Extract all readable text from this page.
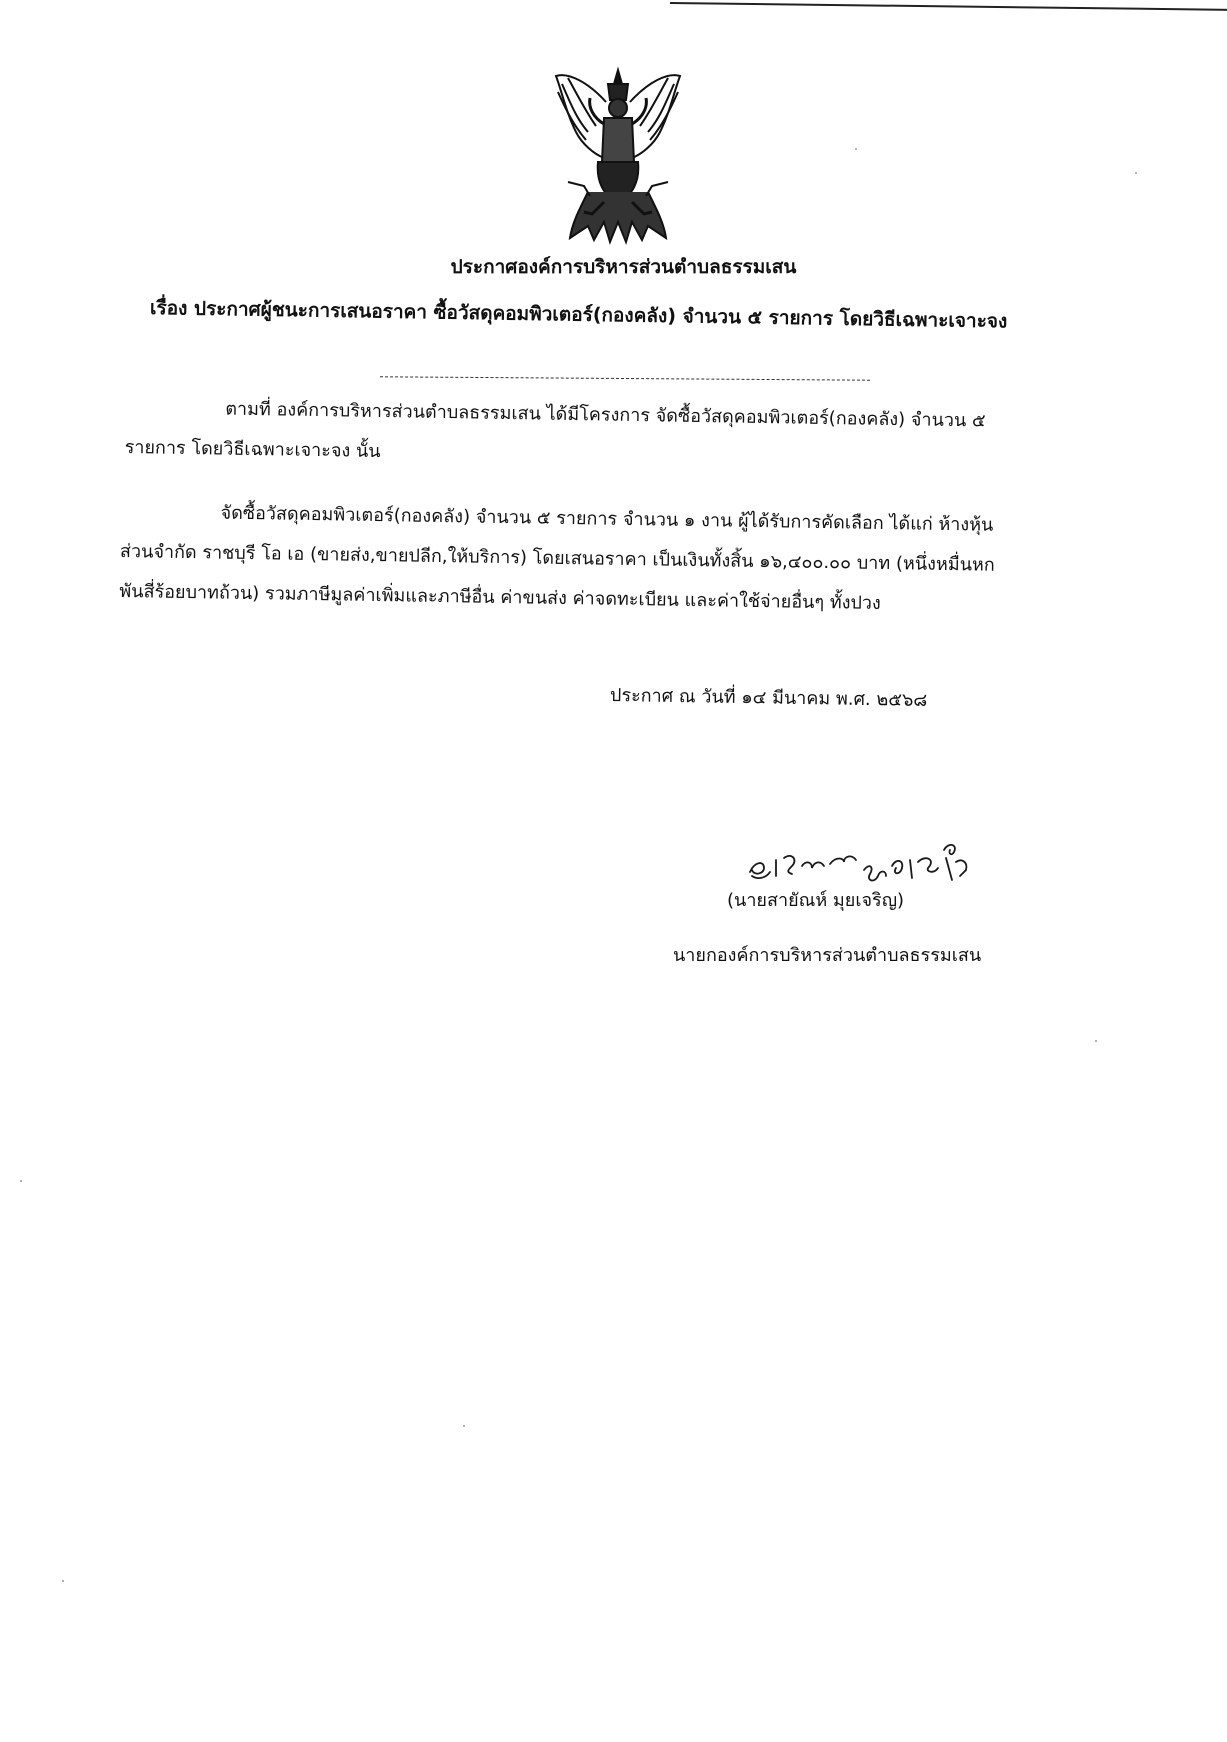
ประกาศองค์การบริหารส่วนตำบลธรรมเสน
เรื่อง ประกาศผู้ชนะการเสนอราคา ซื้อวัสดุคอมพิวเตอร์(กองคลัง) จำนวน ๕ รายการ โดยวิธีเฉพาะเจาะจง
ตามที่ องค์การบริหารส่วนตำบลธรรมเสน ได้มีโครงการ จัดซื้อวัสดุคอมพิวเตอร์(กองคลัง) จำนวน ๕
รายการ โดยวิธีเฉพาะเจาะจง นั้น
จัดซื้อวัสดุคอมพิวเตอร์(กองคลัง) จำนวน ๕ รายการ จำนวน ๑ งาน ผู้ได้รับการคัดเลือก ได้แก่ ห้างหุ้น
ส่วนจำกัด ราชบุรี โอ เอ (ขายส่ง,ขายปลีก,ให้บริการ) โดยเสนอราคา เป็นเงินทั้งสิ้น ๑๖,๔๐๐.๐๐ บาท (หนึ่งหมื่นหก
พันสี่ร้อยบาทถ้วน) รวมภาษีมูลค่าเพิ่มและภาษีอื่น ค่าขนส่ง ค่าจดทะเบียน และค่าใช้จ่ายอื่นๆ ทั้งปวง
ประกาศ ณ วันที่ ๑๔ มีนาคม พ.ศ. ๒๕๖๘
(นายสายัณห์ มุยเจริญ)
นายกองค์การบริหารส่วนตำบลธรรมเสน
